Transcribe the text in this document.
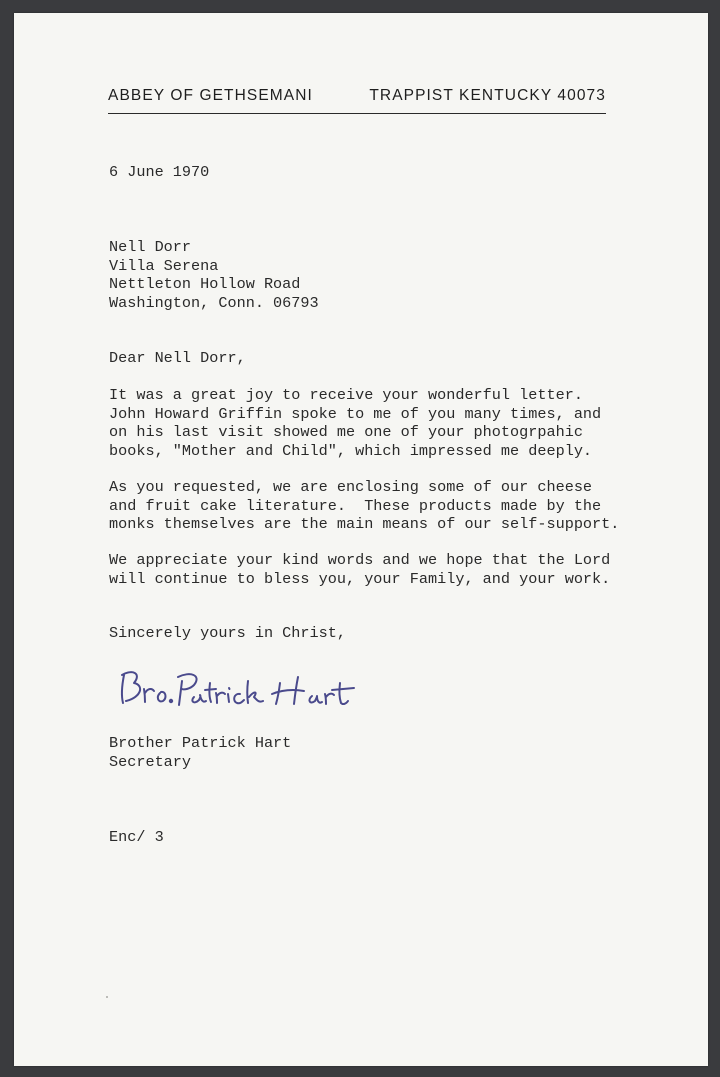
ABBEY OF GETHSEMANI	TRAPPIST KENTUCKY 40073
6 June 1970
Nell Dorr
Villa Serena
Nettleton Hollow Road
Washington, Conn. 06793
Dear Nell Dorr,
It was a great joy to receive your wonderful letter.
John Howard Griffin spoke to me of you many times, and
on his last visit showed me one of your photogrpahic
books, "Mother and Child", which impressed me deeply.
As you requested, we are enclosing some of our cheese
and fruit cake literature.  These products made by the
monks themselves are the main means of our self-support.
We appreciate your kind words and we hope that the Lord
will continue to bless you, your Family, and your work.
Sincerely yours in Christ,
Bro. Patrick Hart
Brother Patrick Hart
Secretary
Enc/ 3
